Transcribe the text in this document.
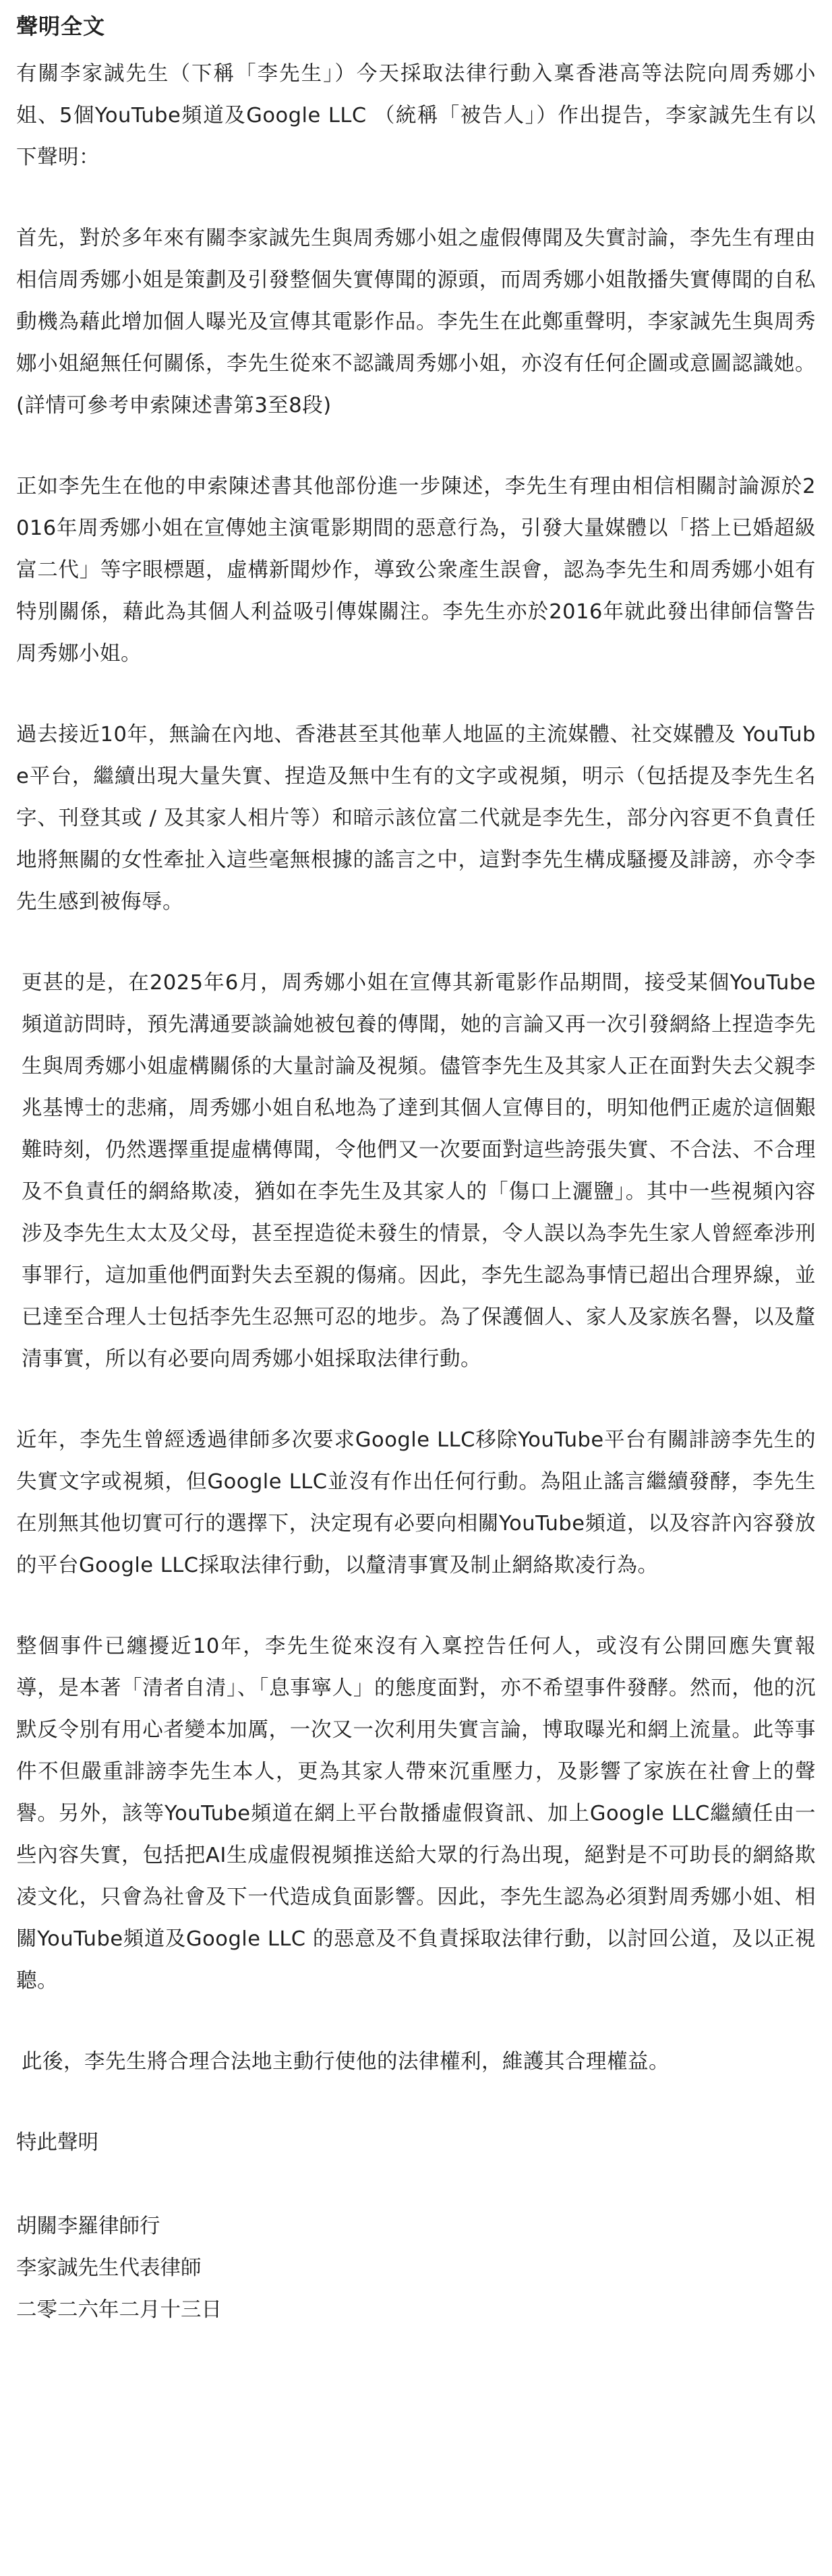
聲明全文

有關李家誠先生（下稱「李先生」）今天採取法律行動入稟香港高等法院向周秀娜小姐、5個YouTube頻道及Google LLC （統稱「被告人」）作出提告，李家誠先生有以下聲明：

首先，對於多年來有關李家誠先生與周秀娜小姐之虛假傳聞及失實討論，李先生有理由相信周秀娜小姐是策劃及引發整個失實傳聞的源頭，而周秀娜小姐散播失實傳聞的自私動機為藉此增加個人曝光及宣傳其電影作品。李先生在此鄭重聲明，李家誠先生與周秀娜小姐絕無任何關係，李先生從來不認識周秀娜小姐，亦沒有任何企圖或意圖認識她。(詳情可參考申索陳述書第3至8段)

正如李先生在他的申索陳述書其他部份進一步陳述，李先生有理由相信相關討論源於2016年周秀娜小姐在宣傳她主演電影期間的惡意行為，引發大量媒體以「搭上已婚超級富二代」等字眼標題，虛構新聞炒作，導致公衆產生誤會，認為李先生和周秀娜小姐有特別關係，藉此為其個人利益吸引傳媒關注。李先生亦於2016年就此發出律師信警告周秀娜小姐。

過去接近10年，無論在內地、香港甚至其他華人地區的主流媒體、社交媒體及 YouTube平台，繼續出現大量失實、捏造及無中生有的文字或視頻，明示（包括提及李先生名字、刊登其或 / 及其家人相片等）和暗示該位富二代就是李先生，部分內容更不負責任地將無關的女性牽扯入這些毫無根據的謠言之中，這對李先生構成騷擾及誹謗，亦令李先生感到被侮辱。

更甚的是，在2025年6月，周秀娜小姐在宣傳其新電影作品期間，接受某個YouTube頻道訪問時，預先溝通要談論她被包養的傳聞，她的言論又再一次引發網絡上捏造李先生與周秀娜小姐虛構關係的大量討論及視頻。儘管李先生及其家人正在面對失去父親李兆基博士的悲痛，周秀娜小姐自私地為了達到其個人宣傳目的，明知他們正處於這個艱難時刻，仍然選擇重提虛構傳聞，令他們又一次要面對這些誇張失實、不合法、不合理及不負責任的網絡欺凌，猶如在李先生及其家人的「傷口上灑鹽」。其中一些視頻內容涉及李先生太太及父母，甚至捏造從未發生的情景，令人誤以為李先生家人曾經牽涉刑事罪行，這加重他們面對失去至親的傷痛。因此，李先生認為事情已超出合理界線，並已達至合理人士包括李先生忍無可忍的地步。為了保護個人、家人及家族名譽，以及釐清事實，所以有必要向周秀娜小姐採取法律行動。

近年，李先生曾經透過律師多次要求Google LLC移除YouTube平台有關誹謗李先生的失實文字或視頻，但Google LLC並沒有作出任何行動。為阻止謠言繼續發酵，李先生在別無其他切實可行的選擇下，決定現有必要向相關YouTube頻道，以及容許內容發放的平台Google LLC採取法律行動，以釐清事實及制止網絡欺凌行為。

整個事件已纏擾近10年，李先生從來沒有入稟控告任何人，或沒有公開回應失實報導，是本著「清者自清」、「息事寧人」的態度面對，亦不希望事件發酵。然而，他的沉默反令別有用心者變本加厲，一次又一次利用失實言論，博取曝光和網上流量。此等事件不但嚴重誹謗李先生本人，更為其家人帶來沉重壓力，及影響了家族在社會上的聲譽。另外，該等YouTube頻道在網上平台散播虛假資訊、加上Google LLC繼續任由一些內容失實，包括把AI生成虛假視頻推送給大眾的行為出現，絕對是不可助長的網絡欺凌文化，只會為社會及下一代造成負面影響。因此，李先生認為必須對周秀娜小姐、相關YouTube頻道及Google LLC 的惡意及不負責採取法律行動，以討回公道，及以正視聽。

此後，李先生將合理合法地主動行使他的法律權利，維護其合理權益。

特此聲明
胡關李羅律師行
李家誠先生代表律師
二零二六年二月十三日
